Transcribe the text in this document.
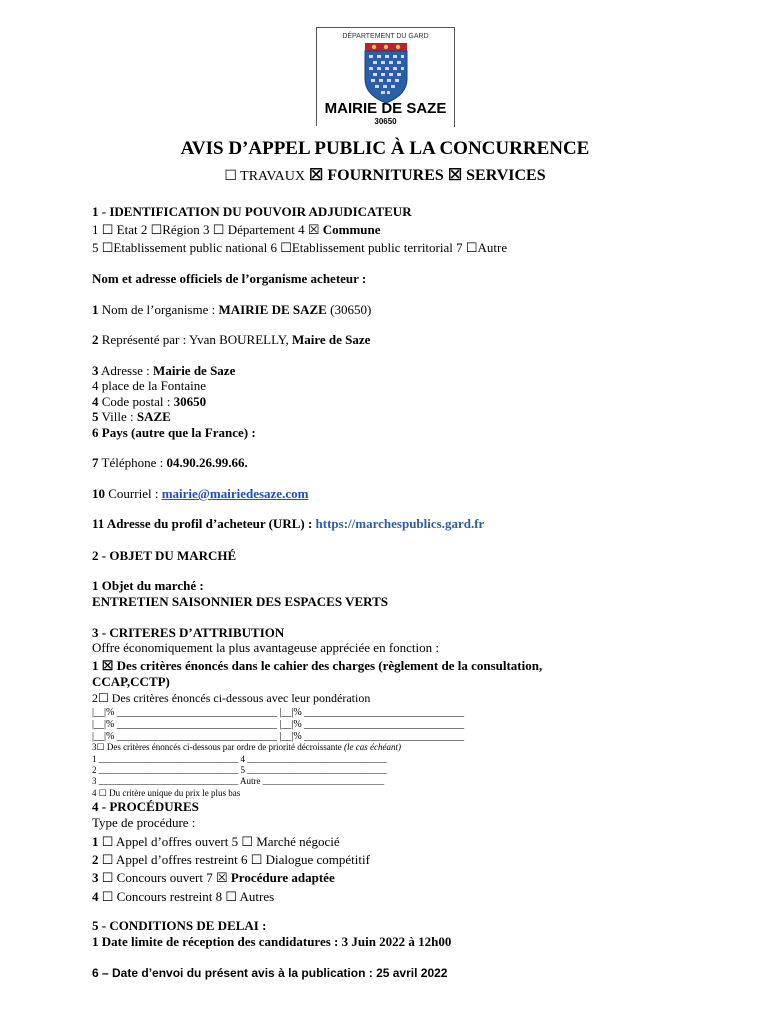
DÉPARTEMENT DU GARD
MAIRIE DE SAZE
30650
AVIS D’APPEL PUBLIC À LA CONCURRENCE
☐ TRAVAUX ☒ FOURNITURES ☒ SERVICES
1 - IDENTIFICATION DU POUVOIR ADJUDICATEUR
1 ☐ Etat 2 ☐Région 3 ☐ Département 4 ☒ Commune
5 ☐Etablissement public national 6 ☐Etablissement public territorial 7 ☐Autre
Nom et adresse officiels de l’organisme acheteur :
1 Nom de l’organisme : MAIRIE DE SAZE (30650)
2 Représenté par : Yvan BOURELLY, Maire de Saze
3 Adresse : Mairie de Saze
4 place de la Fontaine
4 Code postal : 30650
5 Ville : SAZE
6 Pays (autre que la France) :
7 Téléphone : 04.90.26.99.66.
10 Courriel : mairie@mairiedesaze.com
11 Adresse du profil d’acheteur (URL) : https://marchespublics.gard.fr
2 - OBJET DU MARCHÉ
1 Objet du marché :
ENTRETIEN SAISONNIER DES ESPACES VERTS
3 - CRITERES D’ATTRIBUTION
Offre économiquement la plus avantageuse appréciée en fonction :
1 ☒ Des critères énoncés dans le cahier des charges (règlement de la consultation,
CCAP,CCTP)
2☐ Des critères énoncés ci-dessous avec leur pondération
|__|% ________________________________ |__|% ________________________________
|__|% ________________________________ |__|% ________________________________
|__|% ________________________________ |__|% ________________________________
3☐ Des critères énoncés ci-dessous par ordre de priorité décroissante (le cas échéant)
1 _______________________________ 4 _______________________________
2 _______________________________ 5 _______________________________
3 _______________________________ Autre ___________________________
4 ☐ Du critère unique du prix le plus bas
4 - PROCÉDURES
Type de procédure :
1 ☐ Appel d’offres ouvert 5 ☐ Marché négocié
2 ☐ Appel d’offres restreint 6 ☐ Dialogue compétitif
3 ☐ Concours ouvert 7 ☒ Procédure adaptée
4 ☐ Concours restreint 8 ☐ Autres
5 - CONDITIONS DE DELAI :
1 Date limite de réception des candidatures : 3 Juin 2022 à 12h00
6 – Date d’envoi du présent avis à la publication : 25 avril 2022
